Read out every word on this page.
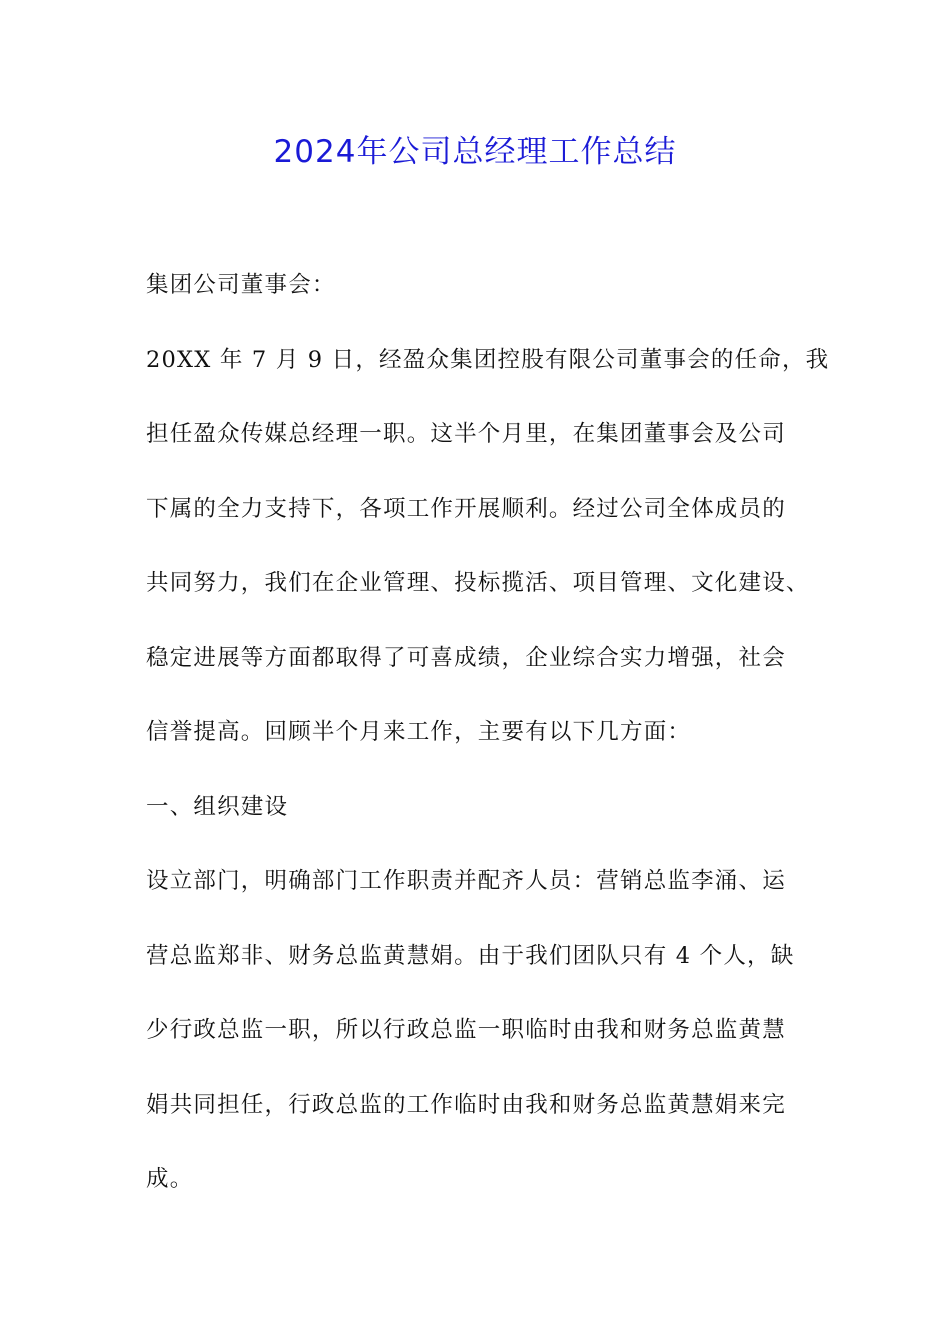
2024年公司总经理工作总结
集团公司董事会：
20XX 年 7 月 9 日，经盈众集团控股有限公司董事会的任命，我
担任盈众传媒总经理一职。这半个月里，在集团董事会及公司
下属的全力支持下，各项工作开展顺利。经过公司全体成员的
共同努力，我们在企业管理、投标揽活、项目管理、文化建设、
稳定进展等方面都取得了可喜成绩，企业综合实力增强，社会
信誉提高。回顾半个月来工作，主要有以下几方面：
一、组织建设
设立部门，明确部门工作职责并配齐人员：营销总监李涌、运
营总监郑非、财务总监黄慧娟。由于我们团队只有 4 个人，缺
少行政总监一职，所以行政总监一职临时由我和财务总监黄慧
娟共同担任，行政总监的工作临时由我和财务总监黄慧娟来完
成。
